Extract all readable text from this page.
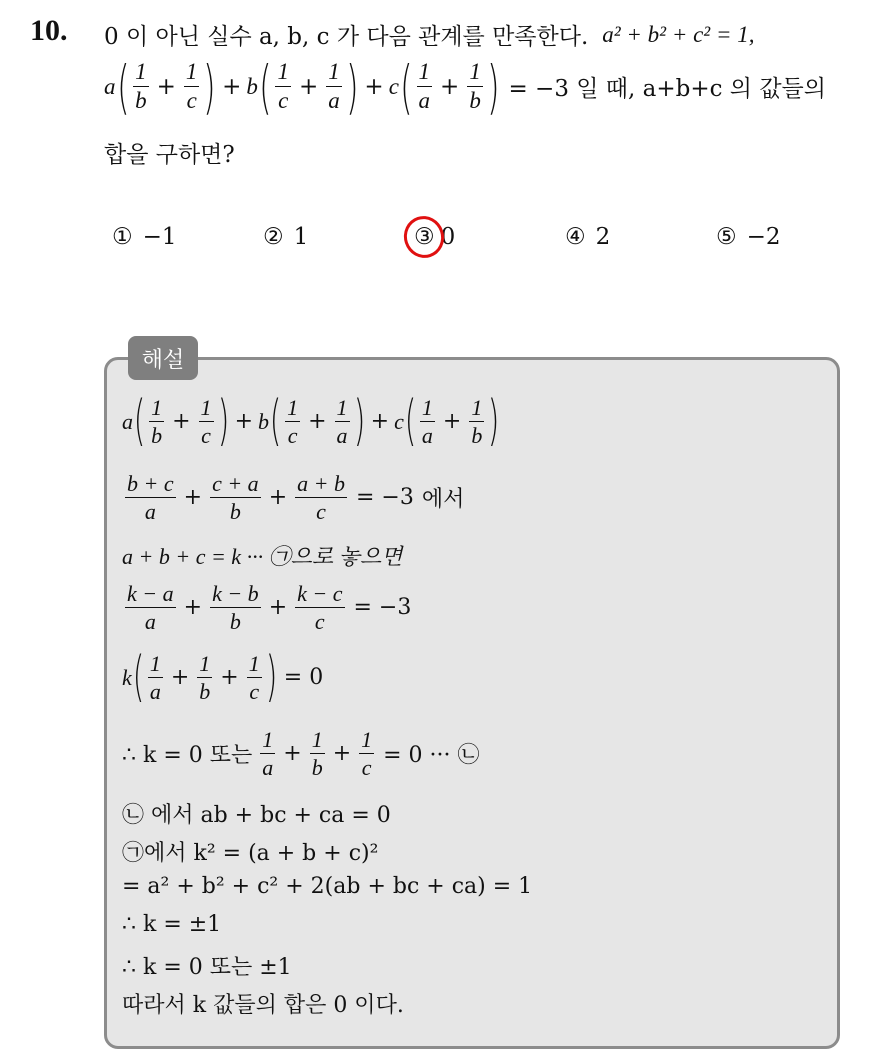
10. 0 이 아닌 실수 a, b, c 가 다음 관계를 만족한다. a² + b² + c² = 1,
a ( $\frac{1}{b} + \frac{1}{c}$ ) + b ( $\frac{1}{c} + \frac{1}{a}$ ) + c ( $\frac{1}{a} + \frac{1}{b}$ ) = −3 일 때, a+b+c 의 값들의
합을 구하면?
① −1	② 1	③ 0	④ 2	⑤ −2
해설
a ( $\frac{1}{b} + \frac{1}{c}$ ) + b ( $\frac{1}{c} + \frac{1}{a}$ ) + c ( $\frac{1}{a} + \frac{1}{b}$ )
$\frac{b + c}{a} + \frac{c + a}{b} + \frac{a + b}{c} = -3$ 에서
a + b + c = k ··· ㉠으로 놓으면
$\frac{k - a}{a} + \frac{k - b}{b} + \frac{k - c}{c} = -3$
k ( $\frac{1}{a} + \frac{1}{b} + \frac{1}{c}$ ) = 0
∴ k = 0 또는 $\frac{1}{a} + \frac{1}{b} + \frac{1}{c} = 0$ ··· ㉡
㉡ 에서 ab + bc + ca = 0
㉠에서 k² = (a + b + c)²
= a² + b² + c² + 2(ab + bc + ca) = 1
∴ k = ±1
∴ k = 0 또는 ±1
따라서 k 값들의 합은 0 이다.
